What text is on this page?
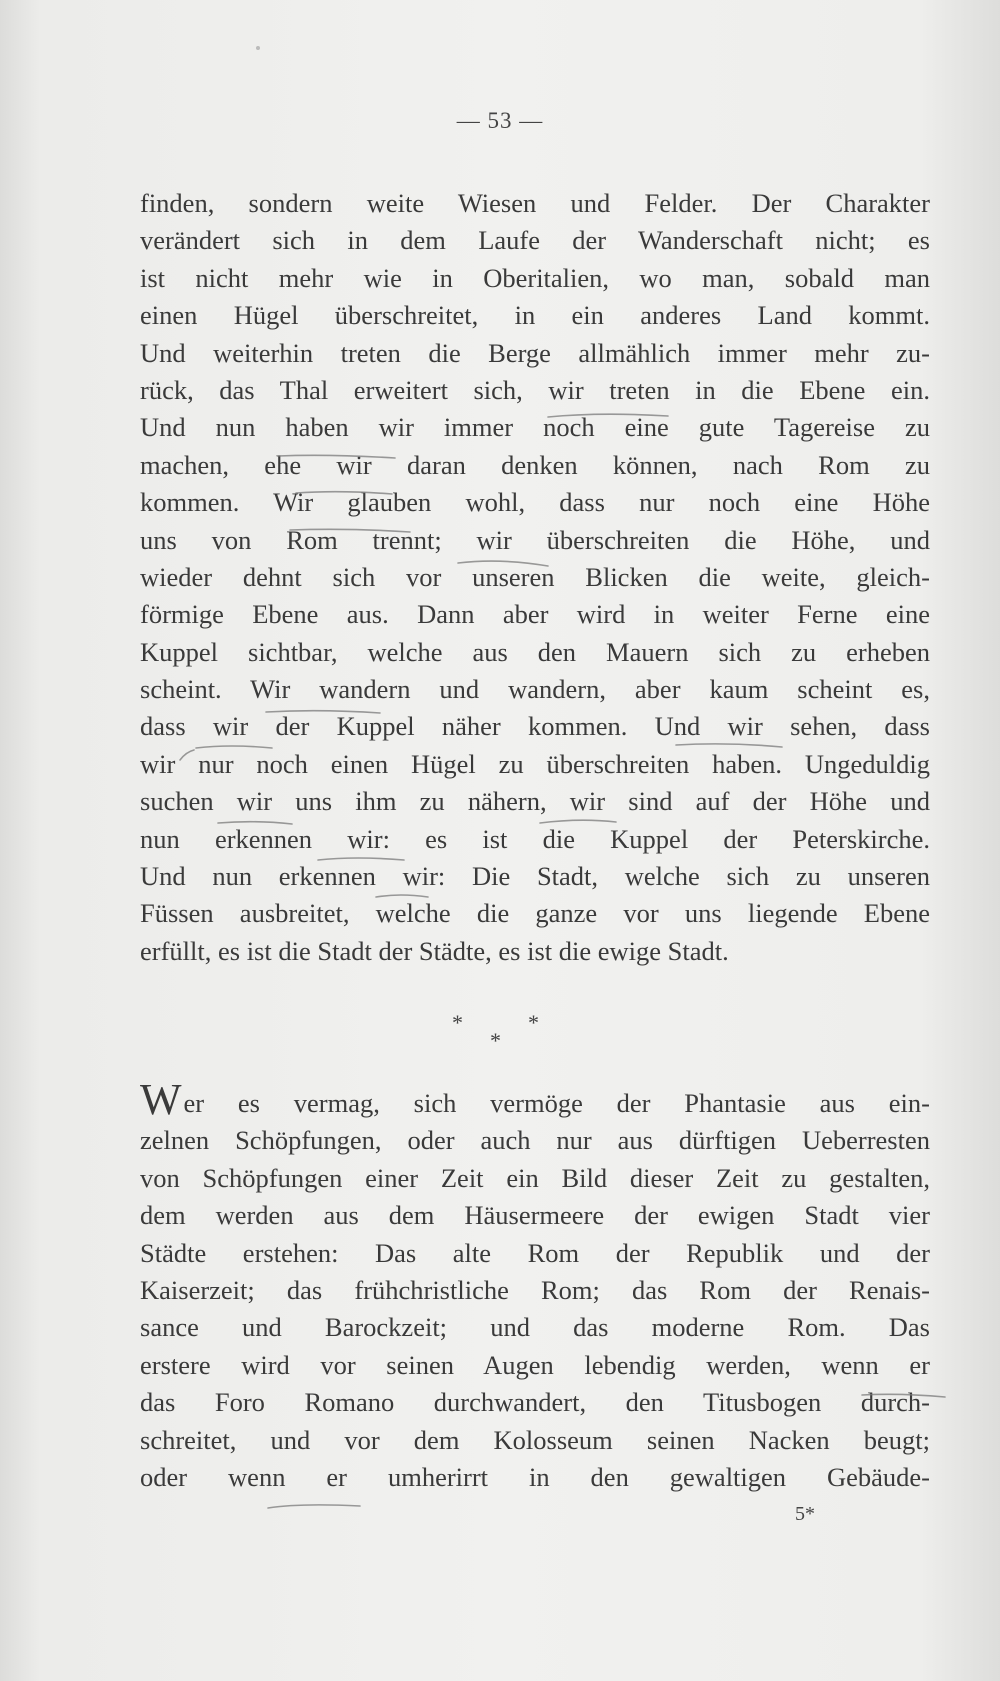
— 53 —
finden, sondern weite Wiesen und Felder. Der Charakter
verändert sich in dem Laufe der Wanderschaft nicht; es
ist nicht mehr wie in Oberitalien, wo man, sobald man
einen Hügel überschreitet, in ein anderes Land kommt.
Und weiterhin treten die Berge allmählich immer mehr zu-
rück, das Thal erweitert sich, wir treten in die Ebene ein.
Und nun haben wir immer noch eine gute Tagereise zu
machen, ehe wir daran denken können, nach Rom zu
kommen. Wir glauben wohl, dass nur noch eine Höhe
uns von Rom trennt; wir überschreiten die Höhe, und
wieder dehnt sich vor unseren Blicken die weite, gleich-
förmige Ebene aus. Dann aber wird in weiter Ferne eine
Kuppel sichtbar, welche aus den Mauern sich zu erheben
scheint. Wir wandern und wandern, aber kaum scheint es,
dass wir der Kuppel näher kommen. Und wir sehen, dass
wir nur noch einen Hügel zu überschreiten haben. Ungeduldig
suchen wir uns ihm zu nähern, wir sind auf der Höhe und
nun erkennen wir: es ist die Kuppel der Peterskirche.
Und nun erkennen wir: Die Stadt, welche sich zu unseren
Füssen ausbreitet, welche die ganze vor uns liegende Ebene
erfüllt, es ist die Stadt der Städte, es ist die ewige Stadt.
*	*
*
Wer es vermag, sich vermöge der Phantasie aus ein-
zelnen Schöpfungen, oder auch nur aus dürftigen Ueberresten
von Schöpfungen einer Zeit ein Bild dieser Zeit zu gestalten,
dem werden aus dem Häusermeere der ewigen Stadt vier
Städte erstehen: Das alte Rom der Republik und der
Kaiserzeit; das frühchristliche Rom; das Rom der Renais-
sance und Barockzeit; und das moderne Rom. Das
erstere wird vor seinen Augen lebendig werden, wenn er
das Foro Romano durchwandert, den Titusbogen durch-
schreitet, und vor dem Kolosseum seinen Nacken beugt;
oder wenn er umherirrt in den gewaltigen Gebäude-
5*
